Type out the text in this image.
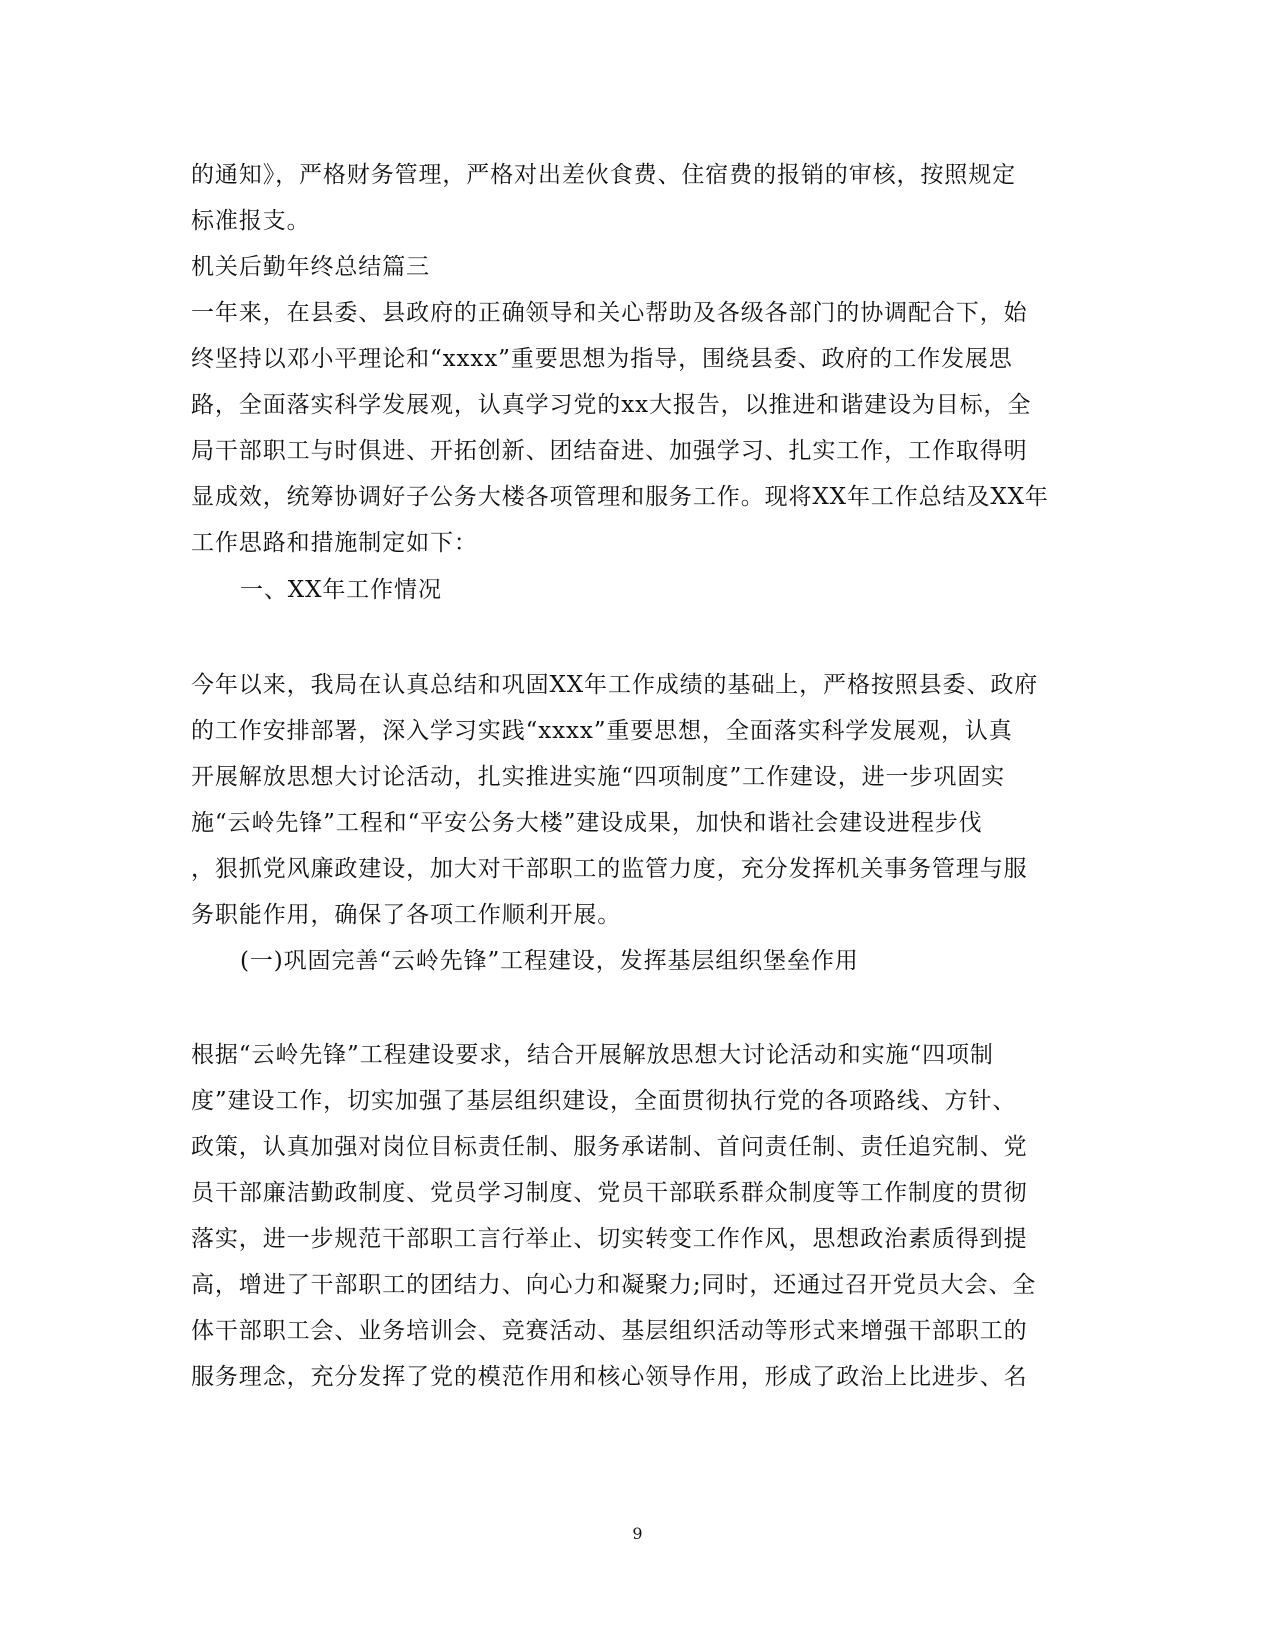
的通知》，严格财务管理，严格对出差伙食费、住宿费的报销的审核，按照规定
标准报支。
机关后勤年终总结篇三
一年来，在县委、县政府的正确领导和关心帮助及各级各部门的协调配合下，始
终坚持以邓小平理论和“xxxx”重要思想为指导，围绕县委、政府的工作发展思
路，全面落实科学发展观，认真学习党的xx大报告，以推进和谐建设为目标，全
局干部职工与时俱进、开拓创新、团结奋进、加强学习、扎实工作，工作取得明
显成效，统筹协调好子公务大楼各项管理和服务工作。现将XX年工作总结及XX年
工作思路和措施制定如下：
一、XX年工作情况
今年以来，我局在认真总结和巩固XX年工作成绩的基础上，严格按照县委、政府
的工作安排部署，深入学习实践“xxxx”重要思想，全面落实科学发展观，认真
开展解放思想大讨论活动，扎实推进实施“四项制度”工作建设，进一步巩固实
施“云岭先锋”工程和“平安公务大楼”建设成果，加快和谐社会建设进程步伐
，狠抓党风廉政建设，加大对干部职工的监管力度，充分发挥机关事务管理与服
务职能作用，确保了各项工作顺利开展。
(一)巩固完善“云岭先锋”工程建设，发挥基层组织堡垒作用
根据“云岭先锋”工程建设要求，结合开展解放思想大讨论活动和实施“四项制
度”建设工作，切实加强了基层组织建设，全面贯彻执行党的各项路线、方针、
政策，认真加强对岗位目标责任制、服务承诺制、首问责任制、责任追究制、党
员干部廉洁勤政制度、党员学习制度、党员干部联系群众制度等工作制度的贯彻
落实，进一步规范干部职工言行举止、切实转变工作作风，思想政治素质得到提
高，增进了干部职工的团结力、向心力和凝聚力;同时，还通过召开党员大会、全
体干部职工会、业务培训会、竞赛活动、基层组织活动等形式来增强干部职工的
服务理念，充分发挥了党的模范作用和核心领导作用，形成了政治上比进步、名
9
